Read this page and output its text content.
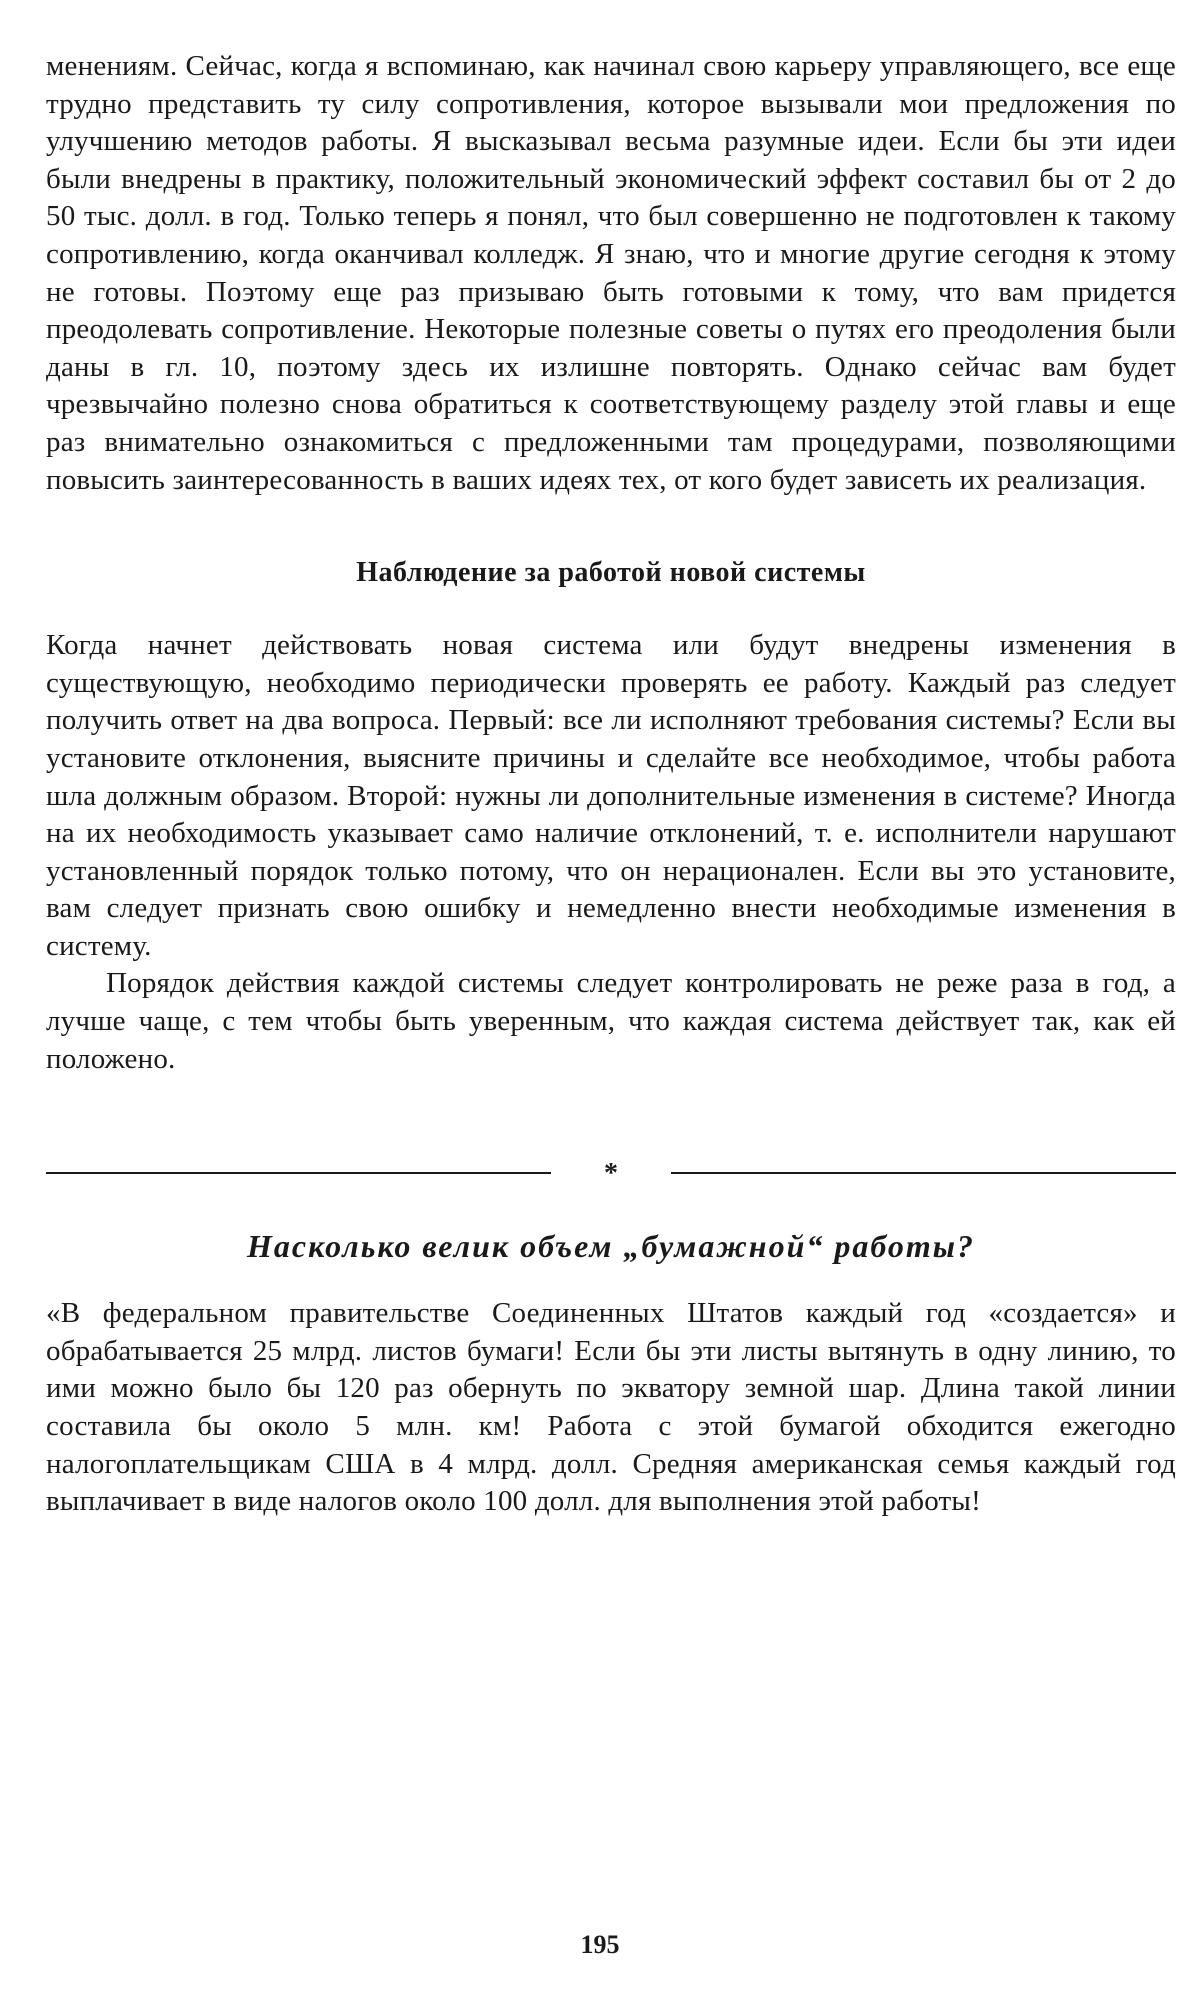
менениям. Сейчас, когда я вспоминаю, как начинал свою карьеру управляющего, все еще трудно представить ту силу сопротивления, которое вызывали мои предложения по улучшению методов работы. Я высказывал весьма разумные идеи. Если бы эти идеи были внедрены в практику, положительный экономический эффект составил бы от 2 до 50 тыс. долл. в год. Только теперь я понял, что был совершенно не подготовлен к такому сопротивлению, когда оканчивал колледж. Я знаю, что и многие другие сегодня к этому не готовы. Поэтому еще раз призываю быть готовыми к тому, что вам придется преодолевать сопротивление. Некоторые полезные советы о путях его преодоления были даны в гл. 10, поэтому здесь их излишне повторять. Однако сейчас вам будет чрезвычайно полезно снова обратиться к соответствующему разделу этой главы и еще раз внимательно ознакомиться с предложенными там процедурами, позволяющими повысить заинтересованность в ваших идеях тех, от кого будет зависеть их реализация.

Наблюдение за работой новой системы

Когда начнет действовать новая система или будут внедрены изменения в существующую, необходимо периодически проверять ее работу. Каждый раз следует получить ответ на два вопроса. Первый: все ли исполняют требования системы? Если вы установите отклонения, выясните причины и сделайте все необходимое, чтобы работа шла должным образом. Второй: нужны ли дополнительные изменения в системе? Иногда на их необходимость указывает само наличие отклонений, т. е. исполнители нарушают установленный порядок только потому, что он нерационален. Если вы это установите, вам следует признать свою ошибку и немедленно внести необходимые изменения в систему.

Порядок действия каждой системы следует контролировать не реже раза в год, а лучше чаще, с тем чтобы быть уверенным, что каждая система действует так, как ей положено.

*
Насколько велик объем „бумажной“ работы?

«В федеральном правительстве Соединенных Штатов каждый год «создается» и обрабатывается 25 млрд. листов бумаги! Если бы эти листы вытянуть в одну линию, то ими можно было бы 120 раз обернуть по экватору земной шар. Длина такой линии составила бы около 5 млн. км! Работа с этой бумагой обходится ежегодно налогоплательщикам США в 4 млрд. долл. Средняя американская семья каждый год выплачивает в виде налогов около 100 долл. для выполнения этой работы!

195
